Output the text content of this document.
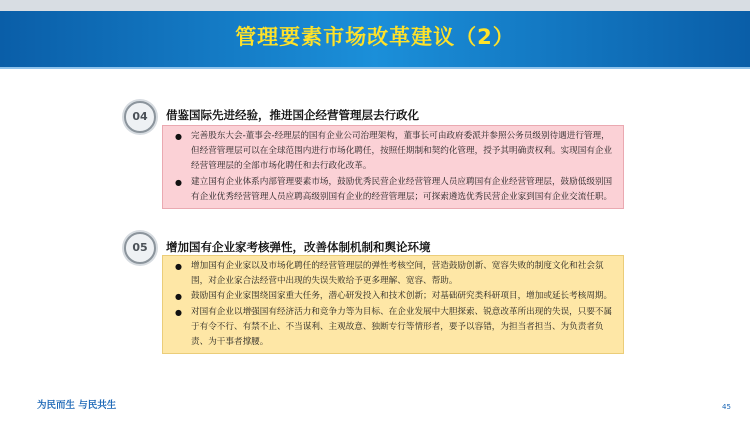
管理要素市场改革建议（2）
04	借鉴国际先进经验，推进国企经营管理层去行政化
● 完善股东大会-董事会-经理层的国有企业公司治理架构，董事长可由政府委派并参照公务员级别待遇进行管理，但经营管理层可以在全球范围内进行市场化聘任，按照任期制和契约化管理，授予其明确责权利。实现国有企业经营管理层的全部市场化聘任和去行政化改革。
● 建立国有企业体系内部管理要素市场，鼓励优秀民营企业经营管理人员应聘国有企业经营管理层，鼓励低级别国有企业优秀经营管理人员应聘高级别国有企业的经营管理层；可探索遴选优秀民营企业家到国有企业交流任职。
05	增加国有企业家考核弹性，改善体制机制和舆论环境
● 增加国有企业家以及市场化聘任的经营管理层的弹性考核空间，营造鼓励创新、宽容失败的制度文化和社会氛围，对企业家合法经营中出现的失误失败给予更多理解、宽容、帮助。
● 鼓励国有企业家围绕国家重大任务，潜心研发投入和技术创新；对基础研究类科研项目，增加或延长考核周期。
● 对国有企业以增强国有经济活力和竞争力等为目标、在企业发展中大胆探索、锐意改革所出现的失误，只要不属于有令不行、有禁不止、不当谋利、主观故意、独断专行等情形者，要予以容错，为担当者担当、为负责者负责、为干事者撑腰。
为民而生 与民共生	45
